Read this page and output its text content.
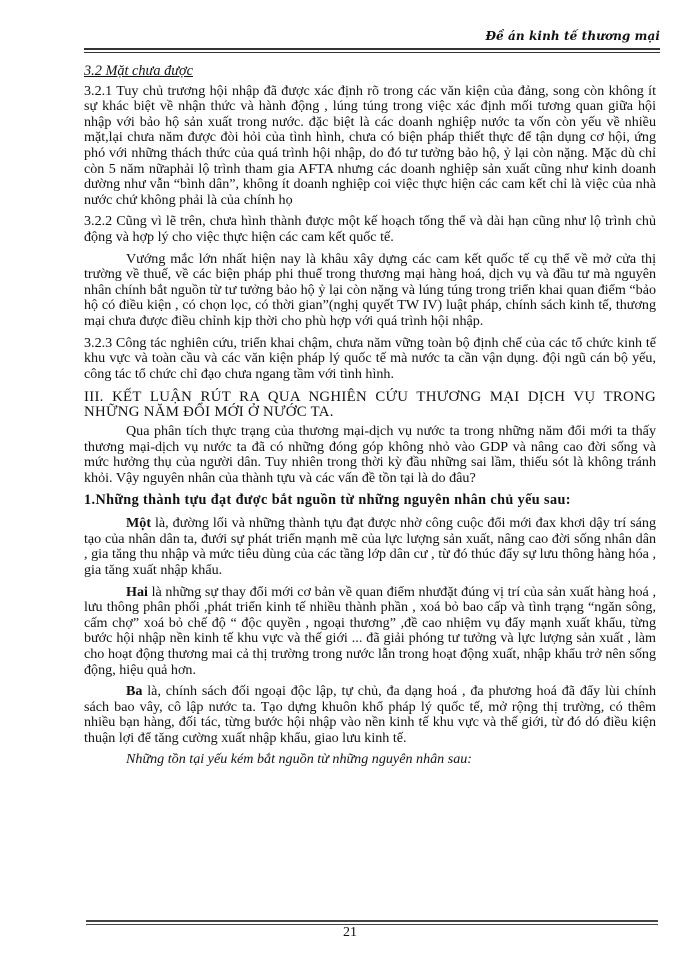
Đề án kinh tế thương mại
3.2 Mặt chưa được

3.2.1 Tuy chủ trương hội nhập đã được xác định rõ trong các văn kiện của đảng, song còn không ít sự khác biệt về nhận thức và hành động , lúng túng trong việc xác định mối tương quan giữa hội nhập với bảo hộ sản xuất trong nước. đặc biệt là các doanh nghiệp nước ta vốn còn yếu về nhiều mặt,lại chưa năm được đòi hỏi của tình hình, chưa có biện pháp thiết thực để tận dụng cơ hội, ứng phó với những thách thức của quá trình hội nhập, do đó tư tưởng bảo hộ, ỷ lại còn nặng. Mặc dù chỉ còn 5 năm nữaphải lộ trình tham gia AFTA nhưng các doanh nghiệp sản xuất cũng như kinh doanh dường như vẫn “bình dân”, không ít doanh nghiệp coi việc thực hiện các cam kết chỉ là việc của nhà nước chứ không phải là của chính họ

3.2.2 Cũng vì lẽ trên, chưa hình thành được một kế hoạch tổng thể và dài hạn cũng như lộ trình chủ động và hợp lý cho việc thực hiện các cam kết quốc tế.

Vướng mắc lớn nhất hiện nay là khâu xây dựng các cam kết quốc tế cụ thể về mở cửa thị trường về thuế, về các biện pháp phi thuế trong thương mại hàng hoá, dịch vụ và đầu tư mà nguyên nhân chính bắt nguồn từ tư tưởng bảo hộ ỷ lại còn nặng và lúng túng trong triển khai quan điểm “bảo hộ có điều kiện , có chọn lọc, có thời gian”(nghị quyết TW IV) luật pháp, chính sách kinh tế, thương mại chưa được điều chỉnh kịp thời cho phù hợp với quá trình hội nhập.

3.2.3 Công tác nghiên cứu, triển khai chậm, chưa năm vững toàn bộ định chế của các tổ chức kinh tế khu vực và toàn cầu và các văn kiện pháp lý quốc tế mà nước ta cần vận dụng. đội ngũ cán bộ yếu, công tác tổ chức chỉ đạo chưa ngang tầm với tình hình.

III. KẾT LUẬN RÚT RA QUA NGHIÊN CỨU THƯƠNG MẠI DỊCH VỤ TRONG NHỮNG NĂM ĐỔI MỚI Ở NƯỚC TA.

Qua phân tích thực trạng của thương mại-dịch vụ nước ta trong những năm đổi mới ta thấy thương mại-dịch vụ nước ta đã có những đóng góp không nhỏ vào GDP và nâng cao đời sống và mức hưởng thụ của người dân. Tuy nhiên trong thời kỳ đầu những sai lầm, thiếu sót là không tránh khỏi. Vậy nguyên nhân của thành tựu và các vấn đề tồn tại là do đâu?

1.Những thành tựu đạt được bắt nguồn từ những nguyên nhân chủ yếu sau:

Một là, đường lối và những thành tựu đạt được nhờ công cuộc đổi mới đax khơi dậy trí sáng tạo của nhân dân ta, đưới sự phát triển mạnh mẽ của lực lượng sản xuất, nâng cao đời sống nhân dân , gia tăng thu nhập và mức tiêu dùng của các tầng lớp dân cư , từ đó thúc đẩy sự lưu thông hàng hóa , gia tăng xuất nhập khẩu.

Hai là những sự thay đổi mới cơ bản về quan điểm nhưđặt đúng vị trí của sản xuất hàng hoá , lưu thông phân phối ,phát triển kinh tế nhiều thành phần , xoá bỏ bao cấp và tình trạng “ngăn sông, cấm chợ” xoá bỏ chế độ “ độc quyền , ngoại thương” ,đề cao nhiệm vụ đẩy mạnh xuất khẩu, từng bước hội nhập nền kinh tế khu vực và thế giới ... đã giải phóng tư tưởng và lực lượng sản xuất , làm cho hoạt động thương mai cả thị trường trong nước lẫn trong hoạt động xuất, nhập khẩu trở nên sống động, hiệu quả hơn.

Ba là, chính sách đối ngoại độc lập, tự chủ, đa dạng hoá , đa phương hoá đã đẩy lùi chính sách bao vây, cô lập nước ta. Tạo dựng khuôn khổ pháp lý quốc tế, mở rộng thị trường, có thêm nhiều bạn hàng, đối tác, từng bước hội nhập vào nền kinh tế khu vực và thế giới, từ đó dó điều kiện thuận lợi để tăng cường xuất nhập khẩu, giao lưu kinh tế.

Những tồn tại yếu kém bắt nguồn từ những nguyên nhân sau:

21
